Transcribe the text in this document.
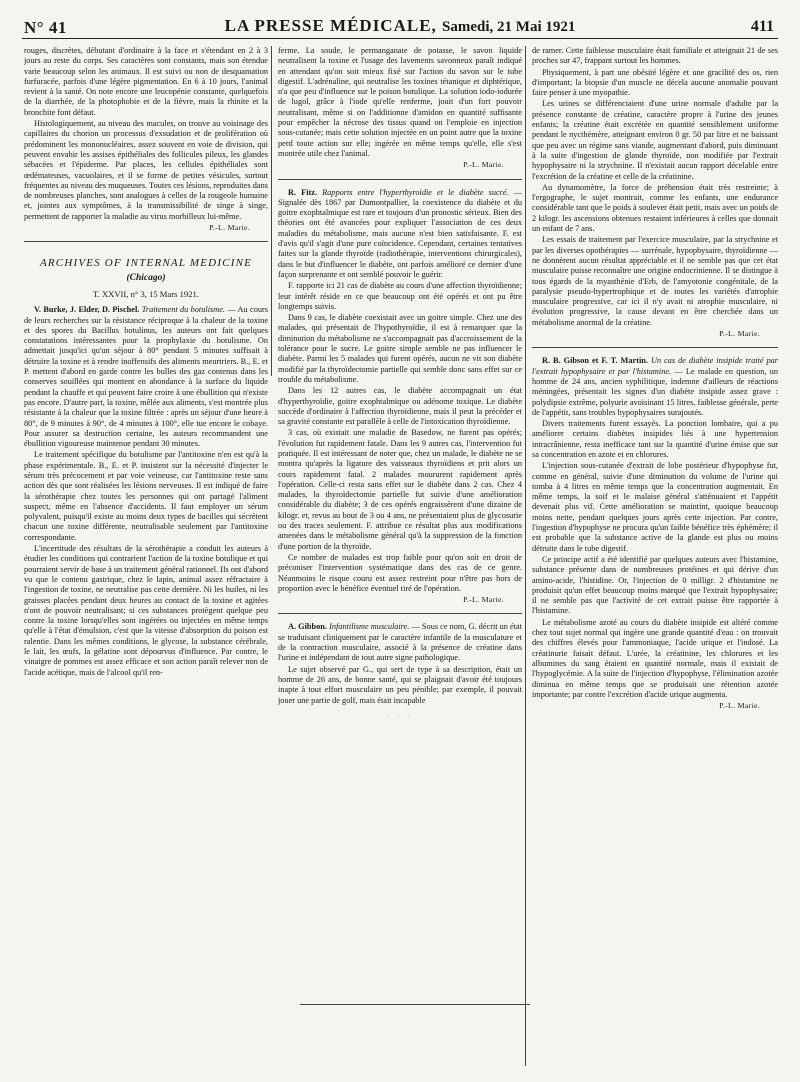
N° 41	LA PRESSE MÉDICALE, Samedi, 21 Mai 1921	411

rouges, discrètes, débutant d'ordinaire à la face et s'étendant en 2 à 3 jours au reste du corps. Ses caractères sont constants, mais son étendue varie beaucoup selon les animaux. Il est suivi ou non de desquamation furfuracée, parfois d'une légère pigmentation. En 6 à 10 jours, l'animal revient à la santé. On note encore une leucopénie constante, quelquefois de la diarrhée, de la photophobie et de la fièvre, mais la rhinite et la bronchite font défaut.

Histologiquement, au niveau des macules, on trouve au voisinage des capillaires du chorion un processus d'exsudation et de prolifération où prédominent les mononucléaires, assez souvent en voie de division, qui peuvent envahir les assises épithéliales des follicules pileux, les glandes sébacées et l'épiderme. Par places, les cellules épithéliales sont œdémateuses, vacuolaires, et il se forme de petites vésicules, surtout fréquentes au niveau des muqueuses. Toutes ces lésions, reproduites dans de nombreuses planches, sont analogues à celles de la rougeole humaine et, jointes aux symptômes, à la transmissibilité de singe à singe, permettent de rapporter la maladie au virus morbilleux lui-même.

P.-L. Marie.
ARCHIVES OF INTERNAL MEDICINE
(Chicago)
T. XXVII, n° 3, 15 Mars 1921.

V. Burke, J. Elder, D. Pischel. Traitement du botulisme. — Au cours de leurs recherches sur la résistance réciproque à la chaleur de la toxine et des spores du Bacillus botulinus, les auteurs ont fait quelques constatations intéressantes pour la prophylaxie du botulisme. On admettait jusqu'ici qu'un séjour à 80° pendant 5 minutes suffisait à détruire la toxine et à rendre inoffensifs des aliments meurtriers. B., E. et P. mettent d'abord en garde contre les bulles des gaz contenus dans les conserves souillées qui montent en abondance à la surface du liquide pendant la chauffe et qui peuvent faire croire à une ébullition qui n'existe pas encore. D'autre part, la toxine, mêlée aux aliments, s'est montrée plus résistante à la chaleur que la toxine filtrée : après un séjour d'une heure à 80°, de 9 minutes à 90°, de 4 minutes à 100°, elle tue encore le cobaye. Pour assurer sa destruction certaine, les auteurs recommandent une ébullition vigoureuse maintenue pendant 30 minutes.

Le traitement spécifique du botulisme par l'antitoxine n'en est qu'à la phase expérimentale. B., E. et P. insistent sur la nécessité d'injecter le sérum très précocement et par voie veineuse, car l'antitoxine reste sans action dès que sont réalisées les lésions nerveuses. Il est indiqué de faire la sérothérapie chez toutes les personnes qui ont partagé l'aliment suspect, même en l'absence d'accidents. Il faut employer un sérum polyvalent, puisqu'il existe au moins deux types de bacilles qui sécrètent chacun une toxine différente, neutralisable seulement par l'antitoxine correspondante.

L'incertitude des résultats de la sérothérapie a conduit les auteurs à étudier les conditions qui contrarient l'action de la toxine botulique et qui pourraient servir de base à un traitement général rationnel. Ils ont d'abord vu que le contenu gastrique, chez le lapin, animal assez réfractaire à l'ingestion de toxine, ne neutralise pas cette dernière. Ni les huiles, ni les graisses placées pendant deux heures au contact de la toxine et agitées n'ont de pouvoir neutralisant; si ces substances protègent quelque peu contre la toxine lorsqu'elles sont ingérées ou injectées en même temps qu'elle à l'état d'émulsion, c'est que la vitesse d'absorption du poison est ralentie. Dans les mêmes conditions, le glycose, la substance cérébrale, le lait, les œufs, la gélatine sont dépourvus d'influence. Par contre, le vinaigre de pommes est assez efficace et son action paraît relever non de l'acide acétique, mais de l'alcool qu'il ren-

ferme. La soude, le permanganate de potasse, le savon liquide neutralisent la toxine et l'usage des lavements savonneux paraît indiqué en attendant qu'on soit mieux fixé sur l'action du savon sur le tube digestif. L'adrénaline, qui neutralise les toxines tétanique et diphtérique, n'a que peu d'influence sur le poison botulique. La solution iodo-iodurée de lugol, grâce à l'iode qu'elle renferme, jouit d'un fort pouvoir neutralisant, même si on l'additionne d'amidon en quantité suffisante pour empêcher la nécrose des tissus quand on l'emploie en injection sous-cutanée; mais cette solution injectée en un point autre que la toxine perd toute action sur elle; ingérée en même temps qu'elle, elle s'est montrée utile chez l'animal.

P.-L. Marie.

R. Fitz. Rapports entre l'hyperthyroïdie et le diabète sucré. — Signalée dès 1867 par Dumontpallier, la coexistence du diabète et du goitre exophtalmique est rare et toujours d'un pronostic sérieux. Bien des théories ont été avancées pour expliquer l'association de ces deux maladies du métabolisme, mais aucune n'est bien satisfaisante. F. est d'avis qu'il s'agit d'une pure coïncidence. Cependant, certaines tentatives faites sur la glande thyroïde (radiothérapie, interventions chirurgicales), dans le but d'influencer le diabète, ont parfois amélioré ce dernier d'une façon surprenante et ont semblé pouvoir le guérir.

F. rapporte ici 21 cas de diabète au cours d'une affection thyroïdienne; leur intérêt réside en ce que beaucoup ont été opérés et ont pu être longtemps suivis.

Dans 9 cas, le diabète coexistait avec un goitre simple. Chez une des malades, qui présentait de l'hypothyroïdie, il est à remarquer que la diminution du métabolisme ne s'accompagnait pas d'accroissement de la tolérance pour le sucre. Le goitre simple semble ne pas influencer le diabète. Parmi les 5 malades qui furent opérés, aucun ne vit son diabète modifié par la thyroïdectomie partielle qui semble donc sans effet sur ce trouble du métabolisme.

Dans les 12 autres cas, le diabète accompagnait un état d'hyperthyroïdie, goitre exophtalmique ou adénome toxique. Le diabète succède d'ordinaire à l'affection thyroïdienne, mais il peut la précéder et sa gravité constante est parallèle à celle de l'intoxication thyroïdienne.

3 cas, où existait une maladie de Basedow, ne furent pas opérés; l'évolution fut rapidement fatale. Dans les 9 autres cas, l'intervention fut pratiquée. Il est intéressant de noter que, chez un malade, le diabète ne se montra qu'après la ligature des vaisseaux thyroïdiens et prit alors un cours rapidement fatal. 2 malades moururent rapidement après l'opération. Celle-ci resta sans effet sur le diabète dans 2 cas. Chez 4 malades, la thyroïdectomie partielle fut suivie d'une amélioration considérable du diabète; 3 de ces opérés engraissèrent d'une dizaine de kilogr. et, revus au bout de 3 ou 4 ans, ne présentaient plus de glycosurie ou des traces seulement. F. attribue ce résultat plus aux modifications amenées dans le métabolisme général qu'à la suppression de la fonction d'une portion de la thyroïde.

Ce nombre de malades est trop faible pour qu'on soit en droit de préconiser l'intervention systématique dans des cas de ce genre. Néanmoins le risque couru est assez restreint pour n'être pas hors de proportion avec le bénéfice éventuel tiré de l'opération.

P.-L. Marie.

A. Gibbon. Infantilisme musculaire. — Sous ce nom, G. décrit un état se traduisant cliniquement par le caractère infantile de la musculature et de la contraction musculaire, associé à la présence de créatine dans l'urine et indépendant de tout autre signe pathologique.

Le sujet observé par G., qui sert de type à sa description, était un homme de 26 ans, de bonne santé, qui se plaignait d'avoir été toujours inapte à tout effort musculaire un peu pénible; par exemple, il pouvait jouer une partie de golf, mais était incapable

· · ·

de ramer. Cette faiblesse musculaire était familiale et atteignait 21 de ses proches sur 47, frappant surtout les hommes.

Physiquement, à part une obésité légère et une gracilité des os, rien d'important; la biopsie d'un muscle ne décela aucune anomalie pouvant faire penser à une myopathie.

Les urines se différenciaient d'une urine normale d'adulte par la présence constante de créatine, caractère propre à l'urine des jeunes enfants; la créatine était excrétée en quantité sensiblement uniforme pendant le nycthémère, atteignant environ 0 gr. 50 par litre et ne baissant que peu avec un régime sans viande, augmentant d'abord, puis diminuant à la suite d'ingestion de glande thyroïde, non modifiée par l'extrait hypophysaire ni la strychnine. Il n'existait aucun rapport décelable entre l'excrétion de la créatine et celle de la créatinine.

Au dynamomètre, la force de préhension était très restreinte; à l'ergographe, le sujet montrait, comme les enfants, une endurance considérable tant que le poids à soulever était petit, mais avec un poids de 2 kilogr. les ascensions obtenues restaient inférieures à celles que donnait un enfant de 7 ans.

Les essais de traitement par l'exercice musculaire, par la strychnine et par les diverses opothérapies — surrénale, hypophysaire, thyroïdienne — ne donnèrent aucun résultat appréciable et il ne semble pas que cet état musculaire puisse reconnaître une origine endocrinienne. Il se distingue à tous égards de la myasthénie d'Erb, de l'amyotonie congénitale, de la paralysie pseudo-hypertrophique et de toutes les variétés d'atrophie musculaire progressive, car ici il n'y avait ni atrophie musculaire, ni évolution progressive, la cause devant en être cherchée dans un métabolisme anormal de la créatine.

P.-L. Marie.

R. B. Gibson et F. T. Martin. Un cas de diabète insipide traité par l'extrait hypophysaire et par l'histamine. — Le malade en question, un homme de 24 ans, ancien syphilitique, indemne d'ailleurs de réactions méningées, présentait les signes d'un diabète insipide assez grave : polydipsie extrême, polyurie avoisinant 15 litres, faiblesse générale, perte de l'appétit, sans troubles hypophysaires surajoutés.

Divers traitements furent essayés. La ponction lombaire, qui a pu améliorer certains diabètes insipides liés à une hypertension intracrânienne, resta inefficace tant sur la quantité d'urine émise que sur sa concentration en azote et en chlorures.

L'injection sous-cutanée d'extrait de lobe postérieur d'hypophyse fut, comme en général, suivie d'une diminution du volume de l'urine qui tomba à 4 litres en même temps que la concentration augmentait. En même temps, la soif et le malaise général s'atténuaient et l'appétit devenait plus vif. Cette amélioration se maintint, quoique beaucoup moins nette, pendant quelques jours après cette injection. Par contre, l'ingestion d'hypophyse ne procura qu'un faible bénéfice très éphémère; il est probable que la substance active de la glande est plus ou moins détruite dans le tube digestif.

Ce principe actif a été identifié par quelques auteurs avec l'histamine, substance présente dans de nombreuses protéines et qui dérive d'un amino-acide, l'histidine. Or, l'injection de 0 milligr. 2 d'histamine ne produisit qu'un effet beaucoup moins marqué que l'extrait hypophysaire; il ne semble pas que l'activité de cet extrait puisse être rapportée à l'histamine.

Le métabolisme azoté au cours du diabète insipide est altéré comme chez tout sujet normal qui ingère une grande quantité d'eau : on trouvait des chiffres élevés pour l'ammoniaque, l'acide urique et l'indosé. La créatinurie faisait défaut. L'urée, la créatinine, les chlorures et les albumines du sang étaient en quantité normale, mais il existait de l'hypoglycémie. A la suite de l'injection d'hypophyse, l'élimination azotée diminua en même temps que se produisait une rétention azotée importante; par contre l'excrétion d'acide urique augmenta.

P.-L. Marie.
